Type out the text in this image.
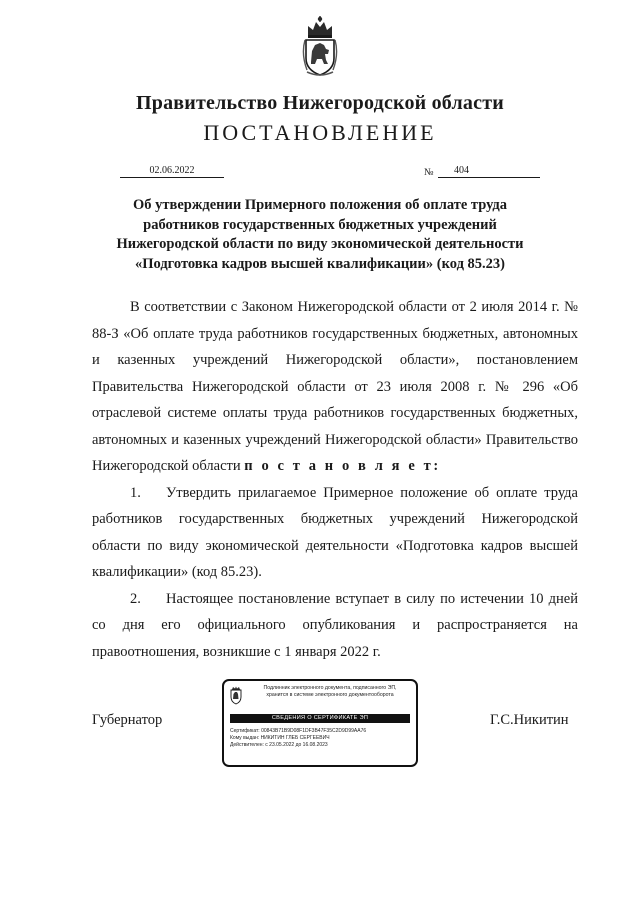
Правительство Нижегородской области
ПОСТАНОВЛЕНИЕ
02.06.2022	№	404
Об утверждении Примерного положения об оплате труда
работников государственных бюджетных учреждений
Нижегородской области по виду экономической деятельности
«Подготовка кадров высшей квалификации» (код 85.23)

В соответствии с Законом Нижегородской области от 2 июля 2014 г. № 88-З «Об оплате труда работников государственных бюджетных, автономных и казенных учреждений Нижегородской области», постановлением Правительства Нижегородской области от 23 июля 2008 г. № 296 «Об отраслевой системе оплаты труда работников государственных бюджетных, автономных и казенных учреждений Нижегородской области» Правительство Нижегородской области п о с т а н о в л я е т:

1. Утвердить прилагаемое Примерное положение об оплате труда работников государственных бюджетных учреждений Нижегородской области по виду экономической деятельности «Подготовка кадров высшей квалификации» (код 85.23).

2. Настоящее постановление вступает в силу по истечении 10 дней со дня его официального опубликования и распространяется на правоотношения, возникшие с 1 января 2022 г.

Губернатор	Г.С.Никитин
Подлинник электронного документа, подписанного ЭП,
хранится в системе электронного документооборота
СВЕДЕНИЯ О СЕРТИФИКАТЕ ЭП
Сертификат: 00843B71B9D08F1DF3B47F35C2D9D99AA76
Кому выдан: НИКИТИН ГЛЕБ СЕРГЕЕВИЧ
Действителен: с 23.05.2022 до 16.08.2023
